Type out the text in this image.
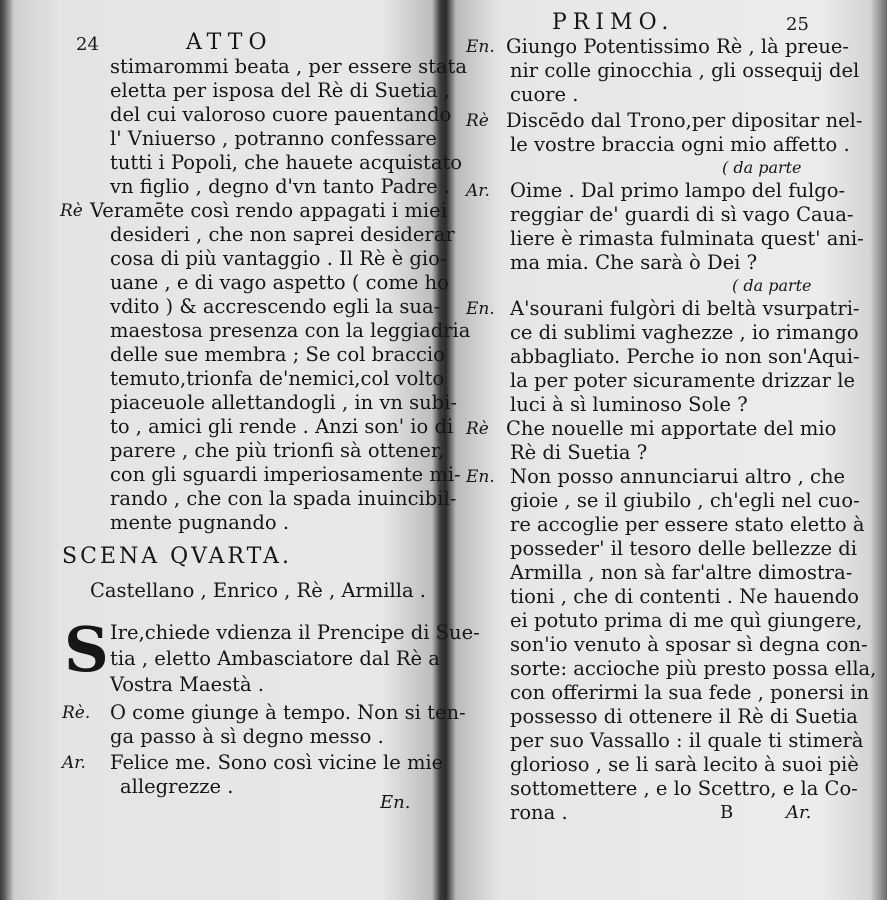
24	ATTO
stimarommi beata , per essere stata
eletta per isposa del Rè di Suetia ,
del cui valoroso cuore pauentando
l' Vniuerso , potranno confessare
tutti i Popoli, che hauete acquistato
vn figlio , degno d'vn tanto Padre .
Rè Veramēte così rendo appagati i miei
desideri , che non saprei desiderar
cosa di più vantaggio . Il Rè è gio-
uane , e di vago aspetto ( come ho
vdito ) & accrescendo egli la sua-
maestosa presenza con la leggiadria
delle sue membra ; Se col braccio
temuto,trionfa de'nemici,col volto
piaceuole allettandogli , in vn subi-
to , amici gli rende . Anzi son' io di
parere , che più trionfi sà ottener,
con gli sguardi imperiosamente mi-
rando , che con la spada inuincibil-
mente pugnando .
SCENA QVARTA.
Castellano , Enrico , Rè , Armilla .
S Ire,chiede vdienza il Prencipe di Sue-
tia , eletto Ambasciatore dal Rè a
Vostra Maestà .
Rè. O come giunge à tempo. Non si ten-
ga passo à sì degno messo .
Ar. Felice me. Sono così vicine le mie
allegrezze .
En.
PRIMO.	25
En. Giungo Potentissimo Rè , là preue-
nir colle ginocchia , gli ossequij del
cuore .
Rè Discēdo dal Trono,per dipositar nel-
le vostre braccia ogni mio affetto .
( da parte
Ar. Oime . Dal primo lampo del fulgo-
reggiar de' guardi di sì vago Caua-
liere è rimasta fulminata quest' ani-
ma mia. Che sarà ò Dei ?
( da parte
En. A'sourani fulgòri di beltà vsurpatri-
ce di sublimi vaghezze , io rimango
abbagliato. Perche io non son'Aqui-
la per poter sicuramente drizzar le
luci à sì luminoso Sole ?
Rè Che nouelle mi apportate del mio
Rè di Suetia ?
En. Non posso annunciarui altro , che
gioie , se il giubilo , ch'egli nel cuo-
re accoglie per essere stato eletto à
posseder' il tesoro delle bellezze di
Armilla , non sà far'altre dimostra-
tioni , che di contenti . Ne hauendo
ei potuto prima di me quì giungere,
son'io venuto à sposar sì degna con-
sorte: accioche più presto possa ella,
con offerirmi la sua fede , ponersi in
possesso di ottenere il Rè di Suetia
per suo Vassallo : il quale ti stimerà
glorioso , se li sarà lecito à suoi piè
sottomettere , e lo Scettro, e la Co-
rona .	B	Ar.
